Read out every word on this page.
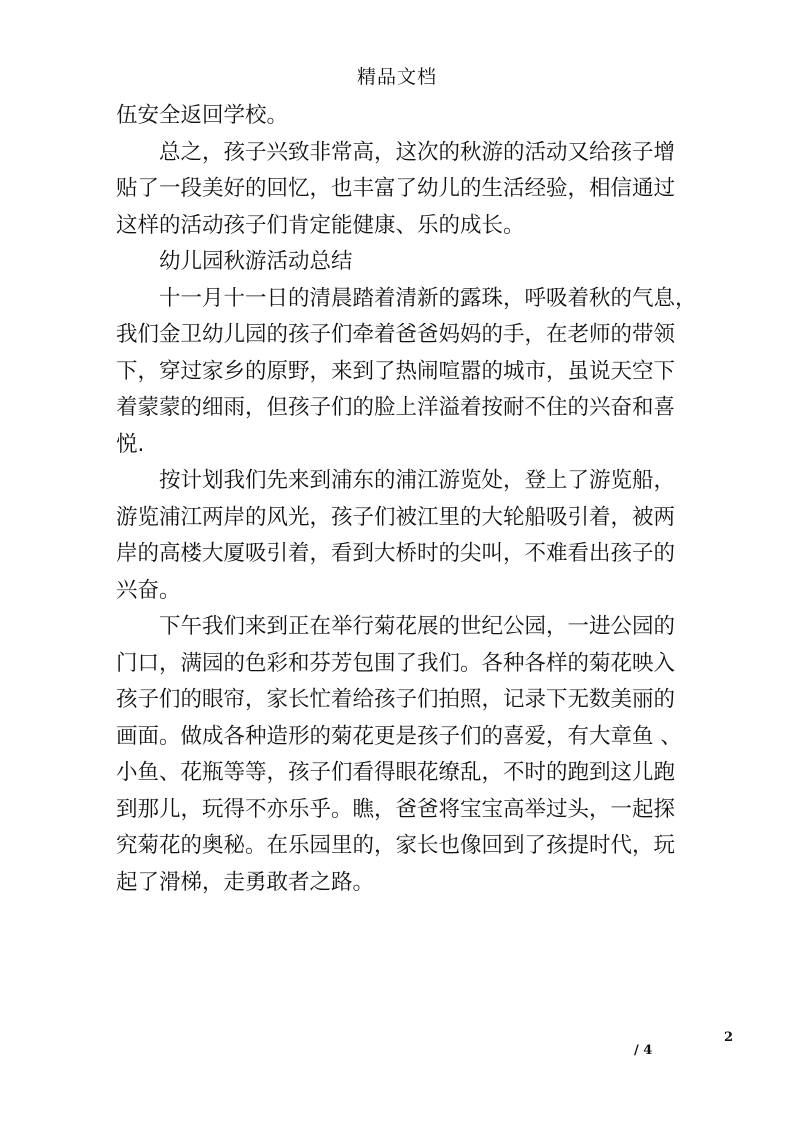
精品文档
伍安全返回学校。
总之，孩子兴致非常高，这次的秋游的活动又给孩子增
贴了一段美好的回忆，也丰富了幼儿的生活经验，相信通过
这样的活动孩子们肯定能健康、乐的成长。
幼儿园秋游活动总结
十一月十一日的清晨踏着清新的露珠，呼吸着秋的气息，
我们金卫幼儿园的孩子们牵着爸爸妈妈的手，在老师的带领
下，穿过家乡的原野，来到了热闹喧嚣的城市，虽说天空下
着蒙蒙的细雨，但孩子们的脸上洋溢着按耐不住的兴奋和喜
悦.
按计划我们先来到浦东的浦江游览处，登上了游览船，
游览浦江两岸的风光，孩子们被江里的大轮船吸引着，被两
岸的高楼大厦吸引着，看到大桥时的尖叫，不难看出孩子的
兴奋。
下午我们来到正在举行菊花展的世纪公园，一进公园的
门口，满园的色彩和芬芳包围了我们。各种各样的菊花映入
孩子们的眼帘，家长忙着给孩子们拍照，记录下无数美丽的
画面。做成各种造形的菊花更是孩子们的喜爱，有大章鱼 、
小鱼、花瓶等等，孩子们看得眼花缭乱，不时的跑到这儿跑
到那儿，玩得不亦乐乎。瞧，爸爸将宝宝高举过头，一起探
究菊花的奥秘。在乐园里的，家长也像回到了孩提时代，玩
起了滑梯，走勇敢者之路。
2
/ 4
